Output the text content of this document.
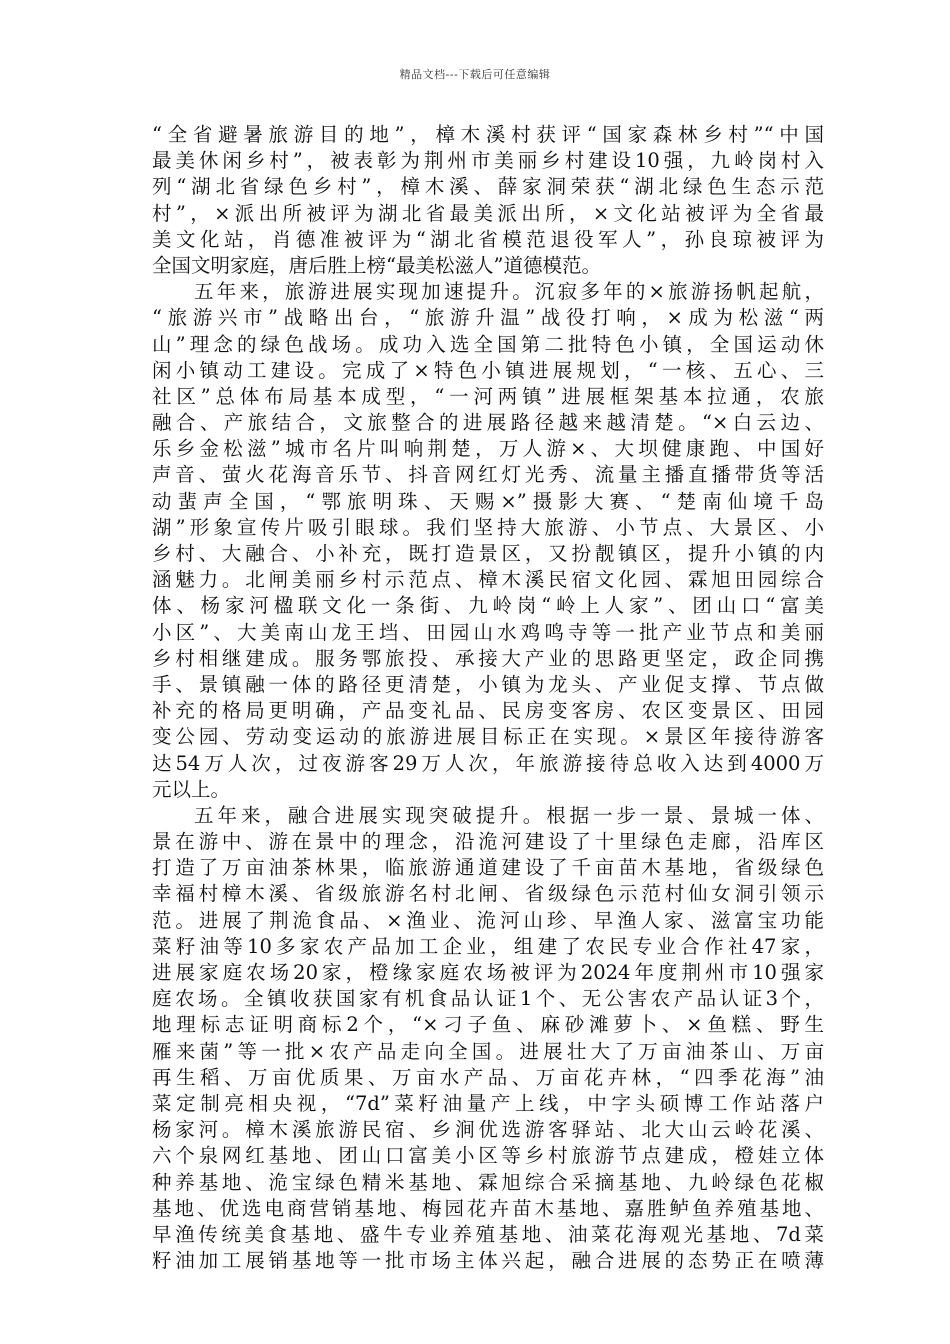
精品文档---下载后可任意编辑
“全省避暑旅游目的地”，樟木溪村获评“国家森林乡村”“中国
最美休闲乡村”，被表彰为荆州市美丽乡村建设10强，九岭岗村入
列“湖北省绿色乡村”，樟木溪、薛家洞荣获“湖北绿色生态示范
村”，×派出所被评为湖北省最美派出所，×文化站被评为全省最
美文化站，肖德准被评为“湖北省模范退役军人”，孙良琼被评为
全国文明家庭，唐后胜上榜“最美松滋人”道德模范。
五年来，旅游进展实现加速提升。沉寂多年的×旅游扬帆起航，
“旅游兴市”战略出台，“旅游升温”战役打响，×成为松滋“两
山”理念的绿色战场。成功入选全国第二批特色小镇，全国运动休
闲小镇动工建设。完成了×特色小镇进展规划，“一核、五心、三
社区”总体布局基本成型，“一河两镇”进展框架基本拉通，农旅
融合、产旅结合，文旅整合的进展路径越来越清楚。“×白云边、
乐乡金松滋”城市名片叫响荆楚，万人游×、大坝健康跑、中国好
声音、萤火花海音乐节、抖音网红灯光秀、流量主播直播带货等活
动蜚声全国，“鄂旅明珠、天赐×”摄影大赛、“楚南仙境千岛
湖”形象宣传片吸引眼球。我们坚持大旅游、小节点、大景区、小
乡村、大融合、小补充，既打造景区，又扮靓镇区，提升小镇的内
涵魅力。北闸美丽乡村示范点、樟木溪民宿文化园、霖旭田园综合
体、杨家河楹联文化一条街、九岭岗“岭上人家”、团山口“富美
小区”、大美南山龙王垱、田园山水鸡鸣寺等一批产业节点和美丽
乡村相继建成。服务鄂旅投、承接大产业的思路更坚定，政企同携
手、景镇融一体的路径更清楚，小镇为龙头、产业促支撑、节点做
补充的格局更明确，产品变礼品、民房变客房、农区变景区、田园
变公园、劳动变运动的旅游进展目标正在实现。×景区年接待游客
达54万人次，过夜游客29万人次，年旅游接待总收入达到4000万
元以上。
五年来，融合进展实现突破提升。根据一步一景、景城一体、
景在游中、游在景中的理念，沿洈河建设了十里绿色走廊，沿库区
打造了万亩油茶林果，临旅游通道建设了千亩苗木基地，省级绿色
幸福村樟木溪、省级旅游名村北闸、省级绿色示范村仙女洞引领示
范。进展了荆洈食品、×渔业、洈河山珍、早渔人家、滋富宝功能
菜籽油等10多家农产品加工企业，组建了农民专业合作社47家，
进展家庭农场20家，橙缘家庭农场被评为2024年度荆州市10强家
庭农场。全镇收获国家有机食品认证1个、无公害农产品认证3个，
地理标志证明商标2个，“×刁子鱼、麻砂滩萝卜、×鱼糕、野生
雁来菌”等一批×农产品走向全国。进展壮大了万亩油茶山、万亩
再生稻、万亩优质果、万亩水产品、万亩花卉林，“四季花海”油
菜定制亮相央视，“7d”菜籽油量产上线，中字头硕博工作站落户
杨家河。樟木溪旅游民宿、乡涧优选游客驿站、北大山云岭花溪、
六个泉网红基地、团山口富美小区等乡村旅游节点建成，橙娃立体
种养基地、洈宝绿色精米基地、霖旭综合采摘基地、九岭绿色花椒
基地、优选电商营销基地、梅园花卉苗木基地、嘉胜鲈鱼养殖基地、
早渔传统美食基地、盛牛专业养殖基地、油菜花海观光基地、7d菜
籽油加工展销基地等一批市场主体兴起，融合进展的态势正在喷薄
